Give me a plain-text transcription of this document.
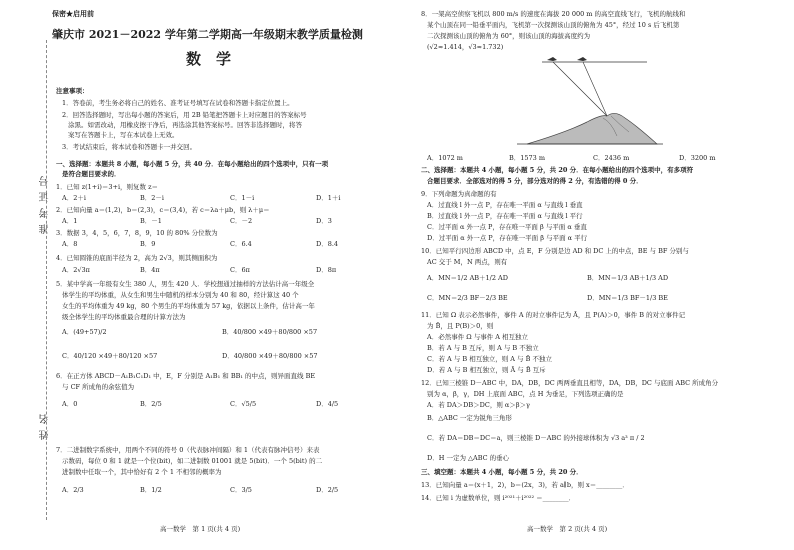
保密★启用前
肇庆市 2021－2022 学年第二学期高一年级期末教学质量检测
数　学
准考证号
姓名
注意事项：
1．答卷前，考生务必将自己的姓名、准考证号填写在试卷和答题卡指定位置上。
2．回答选择题时，写出每小题的答案后，用 2B 铅笔把答题卡上对应题目的答案标号
涂黑。如需改动，用橡皮擦干净后，再选涂其他答案标号。回答非选择题时，将答
案写在答题卡上，写在本试卷上无效。
3．考试结束后，将本试卷和答题卡一并交回。
一、选择题：本题共 8 小题，每小题 5 分，共 40 分．在每小题给出的四个选项中，只有一项
是符合题目要求的．
1．已知 z(1+i)＝3+i，则复数 z＝
A．2＋i	B．2－i	C．1－i	D．1＋i
2．已知向量 a＝(1,2)，b＝(2,3)，c＝(3,4)，若 c＝λa＋μb，则 λ＋μ＝
A．1	B．－1	C．－2	D．3
3．数据 3，4，5，6，7，8，9，10 的 80% 分位数为
A．8	B．9	C．6.4	D．8.4
4．已知圆锥的底面半径为 2，高为 2√3，则其侧面积为
A．2√3π	B．4π	C．6π	D．8π
5．某中学高一年级有女生 380 人，男生 420 人．学校想通过抽样的方法估计高一年级全
体学生的平均体重，从女生和男生中随机的样本分别为 40 和 80，经计算这 40 个
女生的平均体重为 49 kg，80 个男生的平均体重为 57 kg，依据以上条件，估计高一年
级全体学生的平均体重最合理的计算方法为
A．(49+57)/2	B．40/800 ×49＋80/800 ×57
C．40/120 ×49＋80/120 ×57	D．40/800 ×49＋80/800 ×57
6．在正方体 ABCD－A₁B₁C₁D₁ 中，E，F 分别是 A₁B₁ 和 BB₁ 的中点，则异面直线 BE
与 CF 所成角的余弦值为
A．0	B．2/5	C．√5/5	D．4/5
7．二进制数字系统中，用两个不同的符号 0（代表脉冲间隔）和 1（代表有脉冲信号）来表
示数码，每位 0 和 1 就是一个位(bit)，如二进制数 01001 就是 5(bit)．一个 5(bit) 的二
进制数中任取一个，其中恰好有 2 个 1 不相邻的概率为
A．2/3	B．1/2	C．3/5	D．2/5
高一数学　第 1 页(共 4 页)
8．一架高空侦察飞机以 800 m/s 的速度在海拔 20 000 m 的高空直线飞行，飞机的航线和
某个山顶在同一铅垂平面内，飞机第一次探测该山顶的俯角为 45°，经过 10 s 后飞机第
二次探测该山顶的俯角为 60°，则该山顶的海拔高度约为
(√2≈1.414，√3≈1.732)
A．1072 m	B．1573 m	C．2436 m	D．3200 m
二、选择题：本题共 4 小题，每小题 5 分，共 20 分．在每小题给出的四个选项中，有多项符
合题目要求．全部选对的得 5 分，部分选对的得 2 分，有选错的得 0 分．
9．下列命题为真命题的有
A．过直线 l 外一点 P，存在唯一平面 α 与直线 l 垂直
B．过直线 l 外一点 P，存在唯一平面 α 与直线 l 平行
C．过平面 α 外一点 P，存在唯一平面 β 与平面 α 垂直
D．过平面 α 外一点 P，存在唯一平面 β 与平面 α 平行
10．已知平行四边形 ABCD 中，点 E，F 分别是边 AD 和 DC 上的中点，BE 与 BF 分别与
AC 交于 M，N 两点，则有
A．MN＝1/2 AB＋1/2 AD	B．MN＝1/3 AB＋1/3 AD
C．MN＝2/3 BF－2/3 BE	D．MN＝1/3 BF－1/3 BE
11．已知 Ω 表示必然事件，事件 A 的对立事件记为 Ā，且 P(A)＞0，事件 B 的对立事件记
为 B̄，且 P(B)＞0，则
A．必然事件 Ω 与事件 A 相互独立
B．若 A 与 B 互斥，则 A 与 B 不独立
C．若 A 与 B 相互独立，则 A 与 B̄ 不独立
D．若 A 与 B 相互独立，则 Ā 与 B̄ 互斥
12．已知三棱锥 D－ABC 中，DA，DB，DC 两两垂直且相等，DA，DB，DC 与底面 ABC 所成角分
别为 α，β，γ，DH 上底面 ABC，点 H 为垂足，下列选项正确的是
A．若 DA＞DB＞DC，则 α＞β＞γ
B．△ABC 一定为锐角三角形
C．若 DA＝DB＝DC＝a，则三棱锥 D－ABC 的外接球体积为 √3 a³ π / 2
D．H 一定为 △ABC 的垂心
三、填空题：本题共 4 小题，每小题 5 分，共 20 分．
13．已知向量 a＝(x＋1，2)，b＝(2x，3)，若 a∥b，则 x＝________．
14．已知 i 为虚数单位，则 i²⁰²¹＋i²⁰²² ＝________．
高一数学　第 2 页(共 4 页)
